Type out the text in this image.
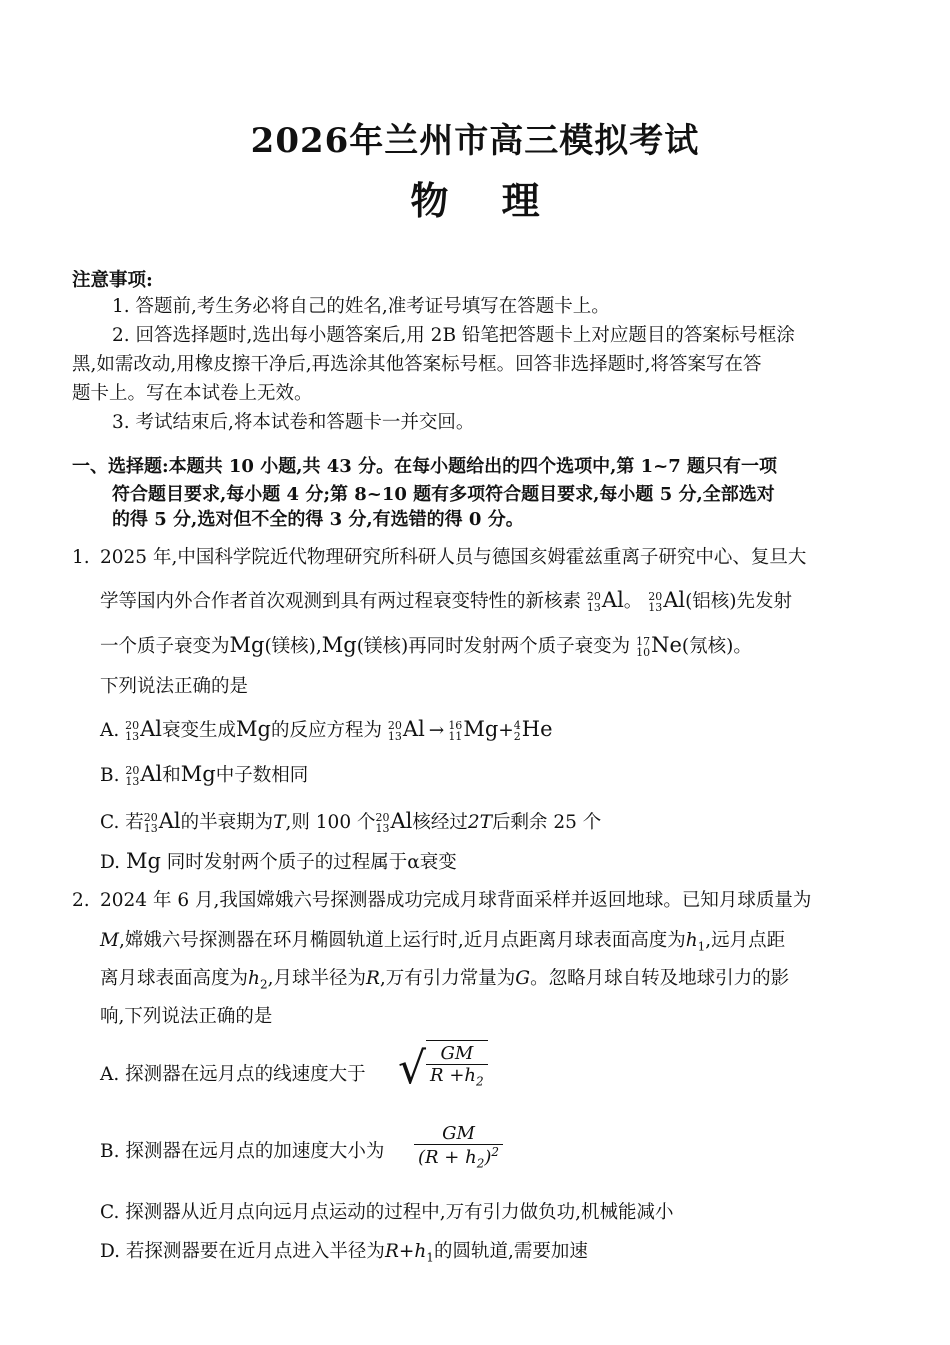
2026年兰州市高三模拟考试
物 理
注意事项:
1. 答题前,考生务必将自己的姓名,准考证号填写在答题卡上。
2. 回答选择题时,选出每小题答案后,用 2B 铅笔把答题卡上对应题目的答案标号框涂
黑,如需改动,用橡皮擦干净后,再选涂其他答案标号框。回答非选择题时,将答案写在答
题卡上。写在本试卷上无效。
3. 考试结束后,将本试卷和答题卡一并交回。
一、选择题:本题共 10 小题,共 43 分。在每小题给出的四个选项中,第 1~7 题只有一项
符合题目要求,每小题 4 分;第 8~10 题有多项符合题目要求,每小题 5 分,全部选对
的得 5 分,选对但不全的得 3 分,有选错的得 0 分。
1. 2025 年,中国科学院近代物理研究所科研人员与德国亥姆霍兹重离子研究中心、复旦大
学等国内外合作者首次观测到具有两过程衰变特性的新核素 20
13 Al。 20
13 Al(铝核)先发射
一个质子衰变为Mg(镁核),Mg(镁核)再同时发射两个质子衰变为 17
10 Ne(氖核)。
下列说法正确的是
A. 20
13 Al衰变生成Mg的反应方程为 20
13 Al → 16
11 Mg+ 4
2 He
B. 20
13 Al和Mg中子数相同
C. 若 20
13 Al的半衰期为T,则 100 个 20
13 Al核经过2T后剩余 25 个
D. Mg 同时发射两个质子的过程属于α衰变
2. 2024 年 6 月,我国嫦娥六号探测器成功完成月球背面采样并返回地球。已知月球质量为
M,嫦娥六号探测器在环月椭圆轨道上运行时,近月点距离月球表面高度为$h_1$,远月点距
离月球表面高度为$h_2$,月球半径为R,万有引力常量为G。忽略月球自转及地球引力的影
响,下列说法正确的是
A. 探测器在远月点的线速度大于 √ $\frac{GM}{R +h_2}$
B. 探测器在远月点的加速度大小为 $\frac{GM}{(R + h_2)^2}$
C. 探测器从近月点向远月点运动的过程中,万有引力做负功,机械能减小
D. 若探测器要在近月点进入半径为$R+h_1$的圆轨道,需要加速
